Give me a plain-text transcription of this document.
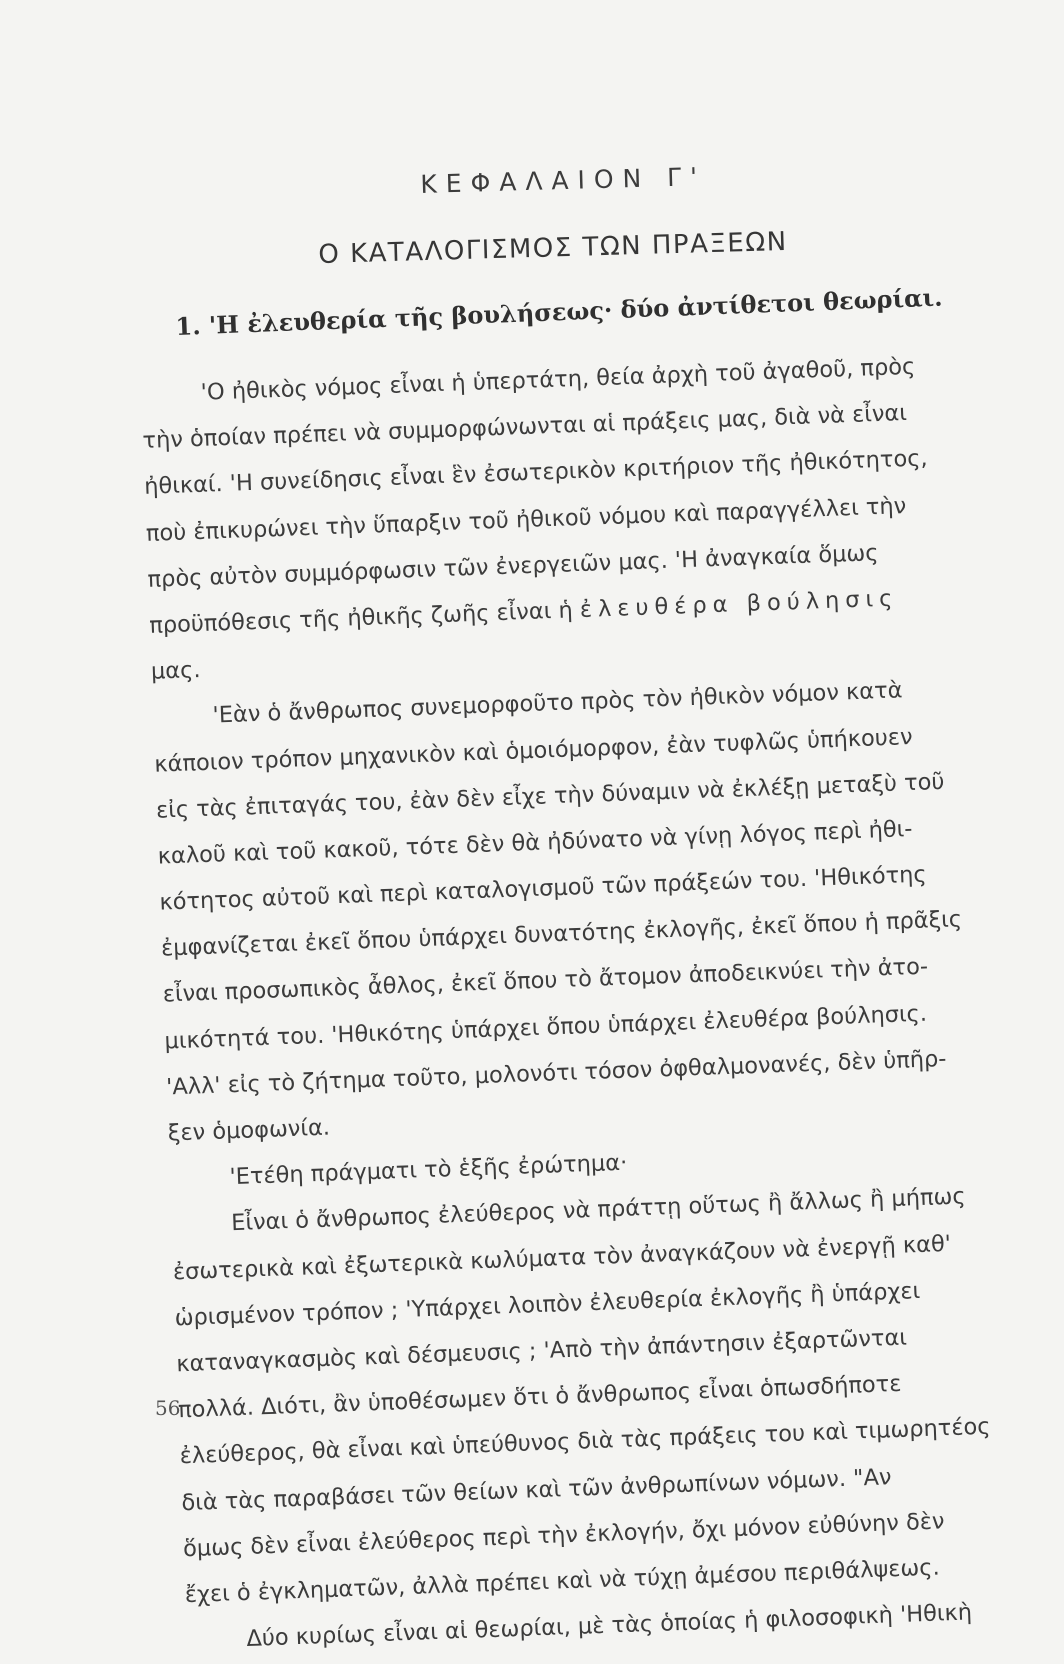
ΚΕΦΑΛΑΙΟΝ Γ'
Ο ΚΑΤΑΛΟΓΙΣΜΟΣ ΤΩΝ ΠΡΑΞΕΩΝ
1. 'Η ἐλευθερία τῆς βουλήσεως· δύο ἀντίθετοι θεωρίαι.
'Ο ἠθικὸς νόμος εἶναι ἡ ὑπερτάτη, θεία ἀρχὴ τοῦ ἀγαθοῦ, πρὸς
τὴν ὁποίαν πρέπει νὰ συμμορφώνωνται αἱ πράξεις μας, διὰ νὰ εἶναι
ἠθικαί. 'Η συνείδησις εἶναι ἓν ἐσωτερικὸν κριτήριον τῆς ἠθικότητος,
ποὺ ἐπικυρώνει τὴν ὕπαρξιν τοῦ ἠθικοῦ νόμου καὶ παραγγέλλει τὴν
πρὸς αὐτὸν συμμόρφωσιν τῶν ἐνεργειῶν μας. 'Η ἀναγκαία ὅμως
προϋπόθεσις τῆς ἠθικῆς ζωῆς εἶναι ἡ ἐλευθέρα βούλησις
μας.
'Εὰν ὁ ἄνθρωπος συνεμορφοῦτο πρὸς τὸν ἠθικὸν νόμον κατὰ
κάποιον τρόπον μηχανικὸν καὶ ὁμοιόμορφον, ἐὰν τυφλῶς ὑπήκουεν
εἰς τὰς ἐπιταγάς του, ἐὰν δὲν εἶχε τὴν δύναμιν νὰ ἐκλέξῃ μεταξὺ τοῦ
καλοῦ καὶ τοῦ κακοῦ, τότε δὲν θὰ ἠδύνατο νὰ γίνῃ λόγος περὶ ἠθι-
κότητος αὐτοῦ καὶ περὶ καταλογισμοῦ τῶν πράξεών του. 'Ηθικότης
ἐμφανίζεται ἐκεῖ ὅπου ὑπάρχει δυνατότης ἐκλογῆς, ἐκεῖ ὅπου ἡ πρᾶξις
εἶναι προσωπικὸς ἆθλος, ἐκεῖ ὅπου τὸ ἄτομον ἀποδεικνύει τὴν ἀτο-
μικότητά του. 'Ηθικότης ὑπάρχει ὅπου ὑπάρχει ἐλευθέρα βούλησις.
'Αλλ' εἰς τὸ ζήτημα τοῦτο, μολονότι τόσον ὀφθαλμονανές, δὲν ὑπῆρ-
ξεν ὁμοφωνία.
'Ετέθη πράγματι τὸ ἑξῆς ἐρώτημα·
Εἶναι ὁ ἄνθρωπος ἐλεύθερος νὰ πράττῃ οὕτως ἢ ἄλλως ἢ μήπως
ἐσωτερικὰ καὶ ἐξωτερικὰ κωλύματα τὸν ἀναγκάζουν νὰ ἐνεργῇ καθ'
ὡρισμένον τρόπον ; 'Υπάρχει λοιπὸν ἐλευθερία ἐκλογῆς ἢ ὑπάρχει
καταναγκασμὸς καὶ δέσμευσις ; 'Απὸ τὴν ἀπάντησιν ἐξαρτῶνται
πολλά. Διότι, ἂν ὑποθέσωμεν ὅτι ὁ ἄνθρωπος εἶναι ὁπωσδήποτε
ἐλεύθερος, θὰ εἶναι καὶ ὑπεύθυνος διὰ τὰς πράξεις του καὶ τιμωρητέος
διὰ τὰς παραβάσει τῶν θείων καὶ τῶν ἀνθρωπίνων νόμων. "Αν
ὅμως δὲν εἶναι ἐλεύθερος περὶ τὴν ἐκλογήν, ὄχι μόνον εὐθύνην δὲν
ἔχει ὁ ἐγκληματῶν, ἀλλὰ πρέπει καὶ νὰ τύχῃ ἀμέσου περιθάλψεως.
Δύο κυρίως εἶναι αἱ θεωρίαι, μὲ τὰς ὁποίας ἡ φιλοσοφικὴ 'Ηθικὴ
56
